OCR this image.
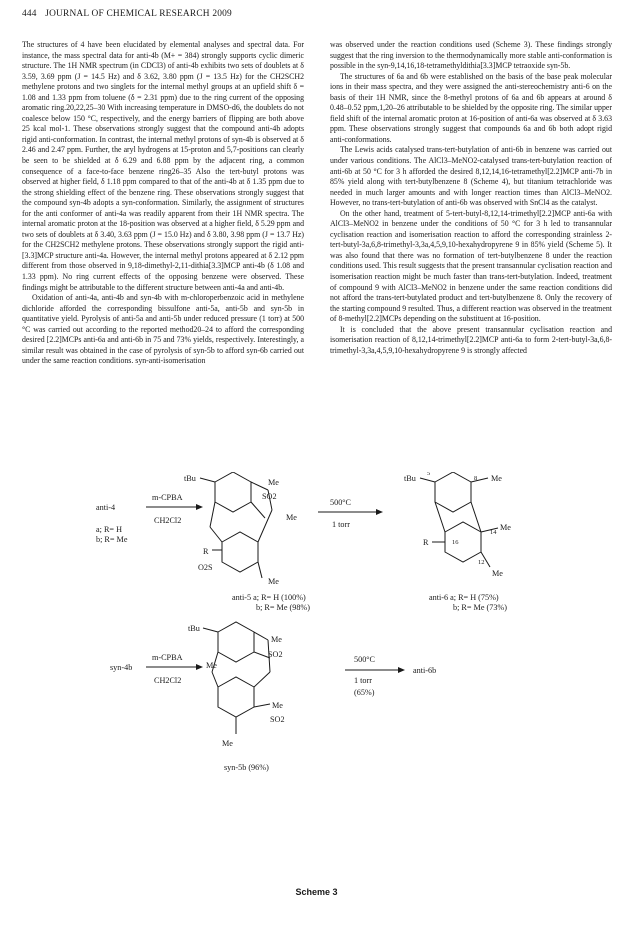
444 JOURNAL OF CHEMICAL RESEARCH 2009

The structures of 4 have been elucidated by elemental analyses and spectral data. For instance, the mass spectral data for anti-4b (M+ = 384) strongly supports cyclic dimeric structure. The 1H NMR spectrum (in CDCl3) of anti-4b exhibits two sets of doublets at δ 3.59, 3.69 ppm (J = 14.5 Hz) and δ 3.62, 3.80 ppm (J = 13.5 Hz) for the CH2SCH2 methylene protons and two singlets for the internal methyl groups at an upfield shift δ = 1.08 and 1.33 ppm from toluene (δ = 2.31 ppm) due to the ring current of the opposing aromatic ring.20,22,25–30 With increasing temperature in DMSO-d6, the doublets do not coalesce below 150 °C, respectively, and the energy barriers of flipping are both above 25 kcal mol-1. These observations strongly suggest that the compound anti-4b adopts rigid anti-conformation. In contrast, the internal methyl protons of syn-4b is observed at δ 2.46 and 2.47 ppm. Further, the aryl hydrogens at 15-proton and 5,7-positions can clearly be seen to be shielded at δ 6.29 and 6.88 ppm by the adjacent ring, a common consequence of a face-to-face benzene ring26–35 Also the tert-butyl protons was observed at higher field, δ 1.18 ppm compared to that of the anti-4b at δ 1.35 ppm due to the strong shielding effect of the benzene ring. These observations strongly suggest that the compound syn-4b adopts a syn-conformation. Similarly, the assignment of structures for the anti conformer of anti-4a was readily apparent from their 1H NMR spectra. The internal aromatic proton at the 18-position was observed at a higher field, δ 5.29 ppm and two sets of doublets at δ 3.40, 3.63 ppm (J = 15.0 Hz) and δ 3.80, 3.98 ppm (J = 13.7 Hz) for the CH2SCH2 methylene protons. These observations strongly support the rigid anti-[3.3]MCP structure anti-4a. However, the internal methyl protons appeared at δ 2.12 ppm different from those observed in 9,18-dimethyl-2,11-dithia[3.3]MCP anti-4b (δ 1.08 and 1.33 ppm). No ring current effects of the opposing benzene were observed. These findings might be attributable to the different structure between anti-4a and anti-4b.

Oxidation of anti-4a, anti-4b and syn-4b with m-chloroperbenzoic acid in methylene dichloride afforded the corresponding bissulfone anti-5a, anti-5b and syn-5b in quantitative yield. Pyrolysis of anti-5a and anti-5b under reduced pressure (1 torr) at 500 °C was carried out according to the reported method20–24 to afford the corresponding desired [2.2]MCPs anti-6a and anti-6b in 75 and 73% yields, respectively. Interestingly, a similar result was obtained in the case of pyrolysis of syn-5b to afford syn-6b carried out under the same reaction conditions. syn-anti-isomerisation

was observed under the reaction conditions used (Scheme 3). These findings strongly suggest that the ring inversion to the thermodynamically more stable anti-conformation is possible in the syn-9,14,16,18-tetramethyldithia[3.3]MCP tetraoxide syn-5b.

The structures of 6a and 6b were established on the basis of the base peak molecular ions in their mass spectra, and they were assigned the anti-stereochemistry anti-6 on the basis of their 1H NMR, since the 8-methyl protons of 6a and 6b appears at around δ 0.48–0.52 ppm,1,20–26 attributable to be shielded by the opposite ring. The similar upper field shift of the internal aromatic proton at 16-position of anti-6a was observed at δ 3.63 ppm. These observations strongly suggest that compounds 6a and 6b both adopt rigid anti-conformations.

The Lewis acids catalysed trans-tert-butylation of anti-6b in benzene was carried out under various conditions. The AlCl3–MeNO2-catalysed trans-tert-butylation reaction of anti-6b at 50 °C for 3 h afforded the desired 8,12,14,16-tetramethyl[2.2]MCP anti-7b in 85% yield along with tert-butylbenzene 8 (Scheme 4), but titanium tetrachloride was needed in much larger amounts and with longer reaction times than AlCl3–MeNO2. However, no trans-tert-butylation of anti-6b was observed with SnCl4 as the catalyst.

On the other hand, treatment of 5-tert-butyl-8,12,14-trimethyl[2.2]MCP anti-6a with AlCl3–MeNO2 in benzene under the conditions of 50 °C for 3 h led to transannular cyclisation reaction and isomerisation reaction to afford the corresponding strainless 2-tert-butyl-3a,6,8-trimethyl-3,3a,4,5,9,10-hexahydropyrene 9 in 85% yield (Scheme 5). It was also found that there was no formation of tert-butylbenzene 8 under the reaction conditions used. This result suggests that the present transannular cyclisation reaction and isomerisation reaction might be much faster than trans-tert-butylation. Indeed, treatment of compound 9 with AlCl3–MeNO2 in benzene under the same reaction conditions did not afford the trans-tert-butylated product and tert-butylbenzene 8. Only the recovery of the starting compound 9 resulted. Thus, a different reaction was observed in the treatment of 8-methyl[2.2]MCPs depending on the substituent at 16-position.

It is concluded that the above present transannular cyclisation reaction and isomerisation reaction of 8,12,14-trimethyl[2.2]MCP anti-6a to form 2-tert-butyl-3a,6,8-trimethyl-3,3a,4,5,9,10-hexahydropyrene 9 is strongly affected

anti-4
a; R= H
b; R= Me
m-CPBA
CH2Cl2
tBu	Me
SO2
Me
R
O2S
Me
500°C
1 torr
anti-5 a; R= H (100%)
b; R= Me (98%)
tBu
5
8 Me
14
Me
16
R
12
Me
anti-6 a; R= H (75%)
b; R= Me (73%)
syn-4b
m-CPBA
CH2Cl2
tBu
Me
SO2
Me
Me
SO2
Me
500°C
1 torr
(65%)
anti-6b
syn-5b (96%)
Scheme 3
